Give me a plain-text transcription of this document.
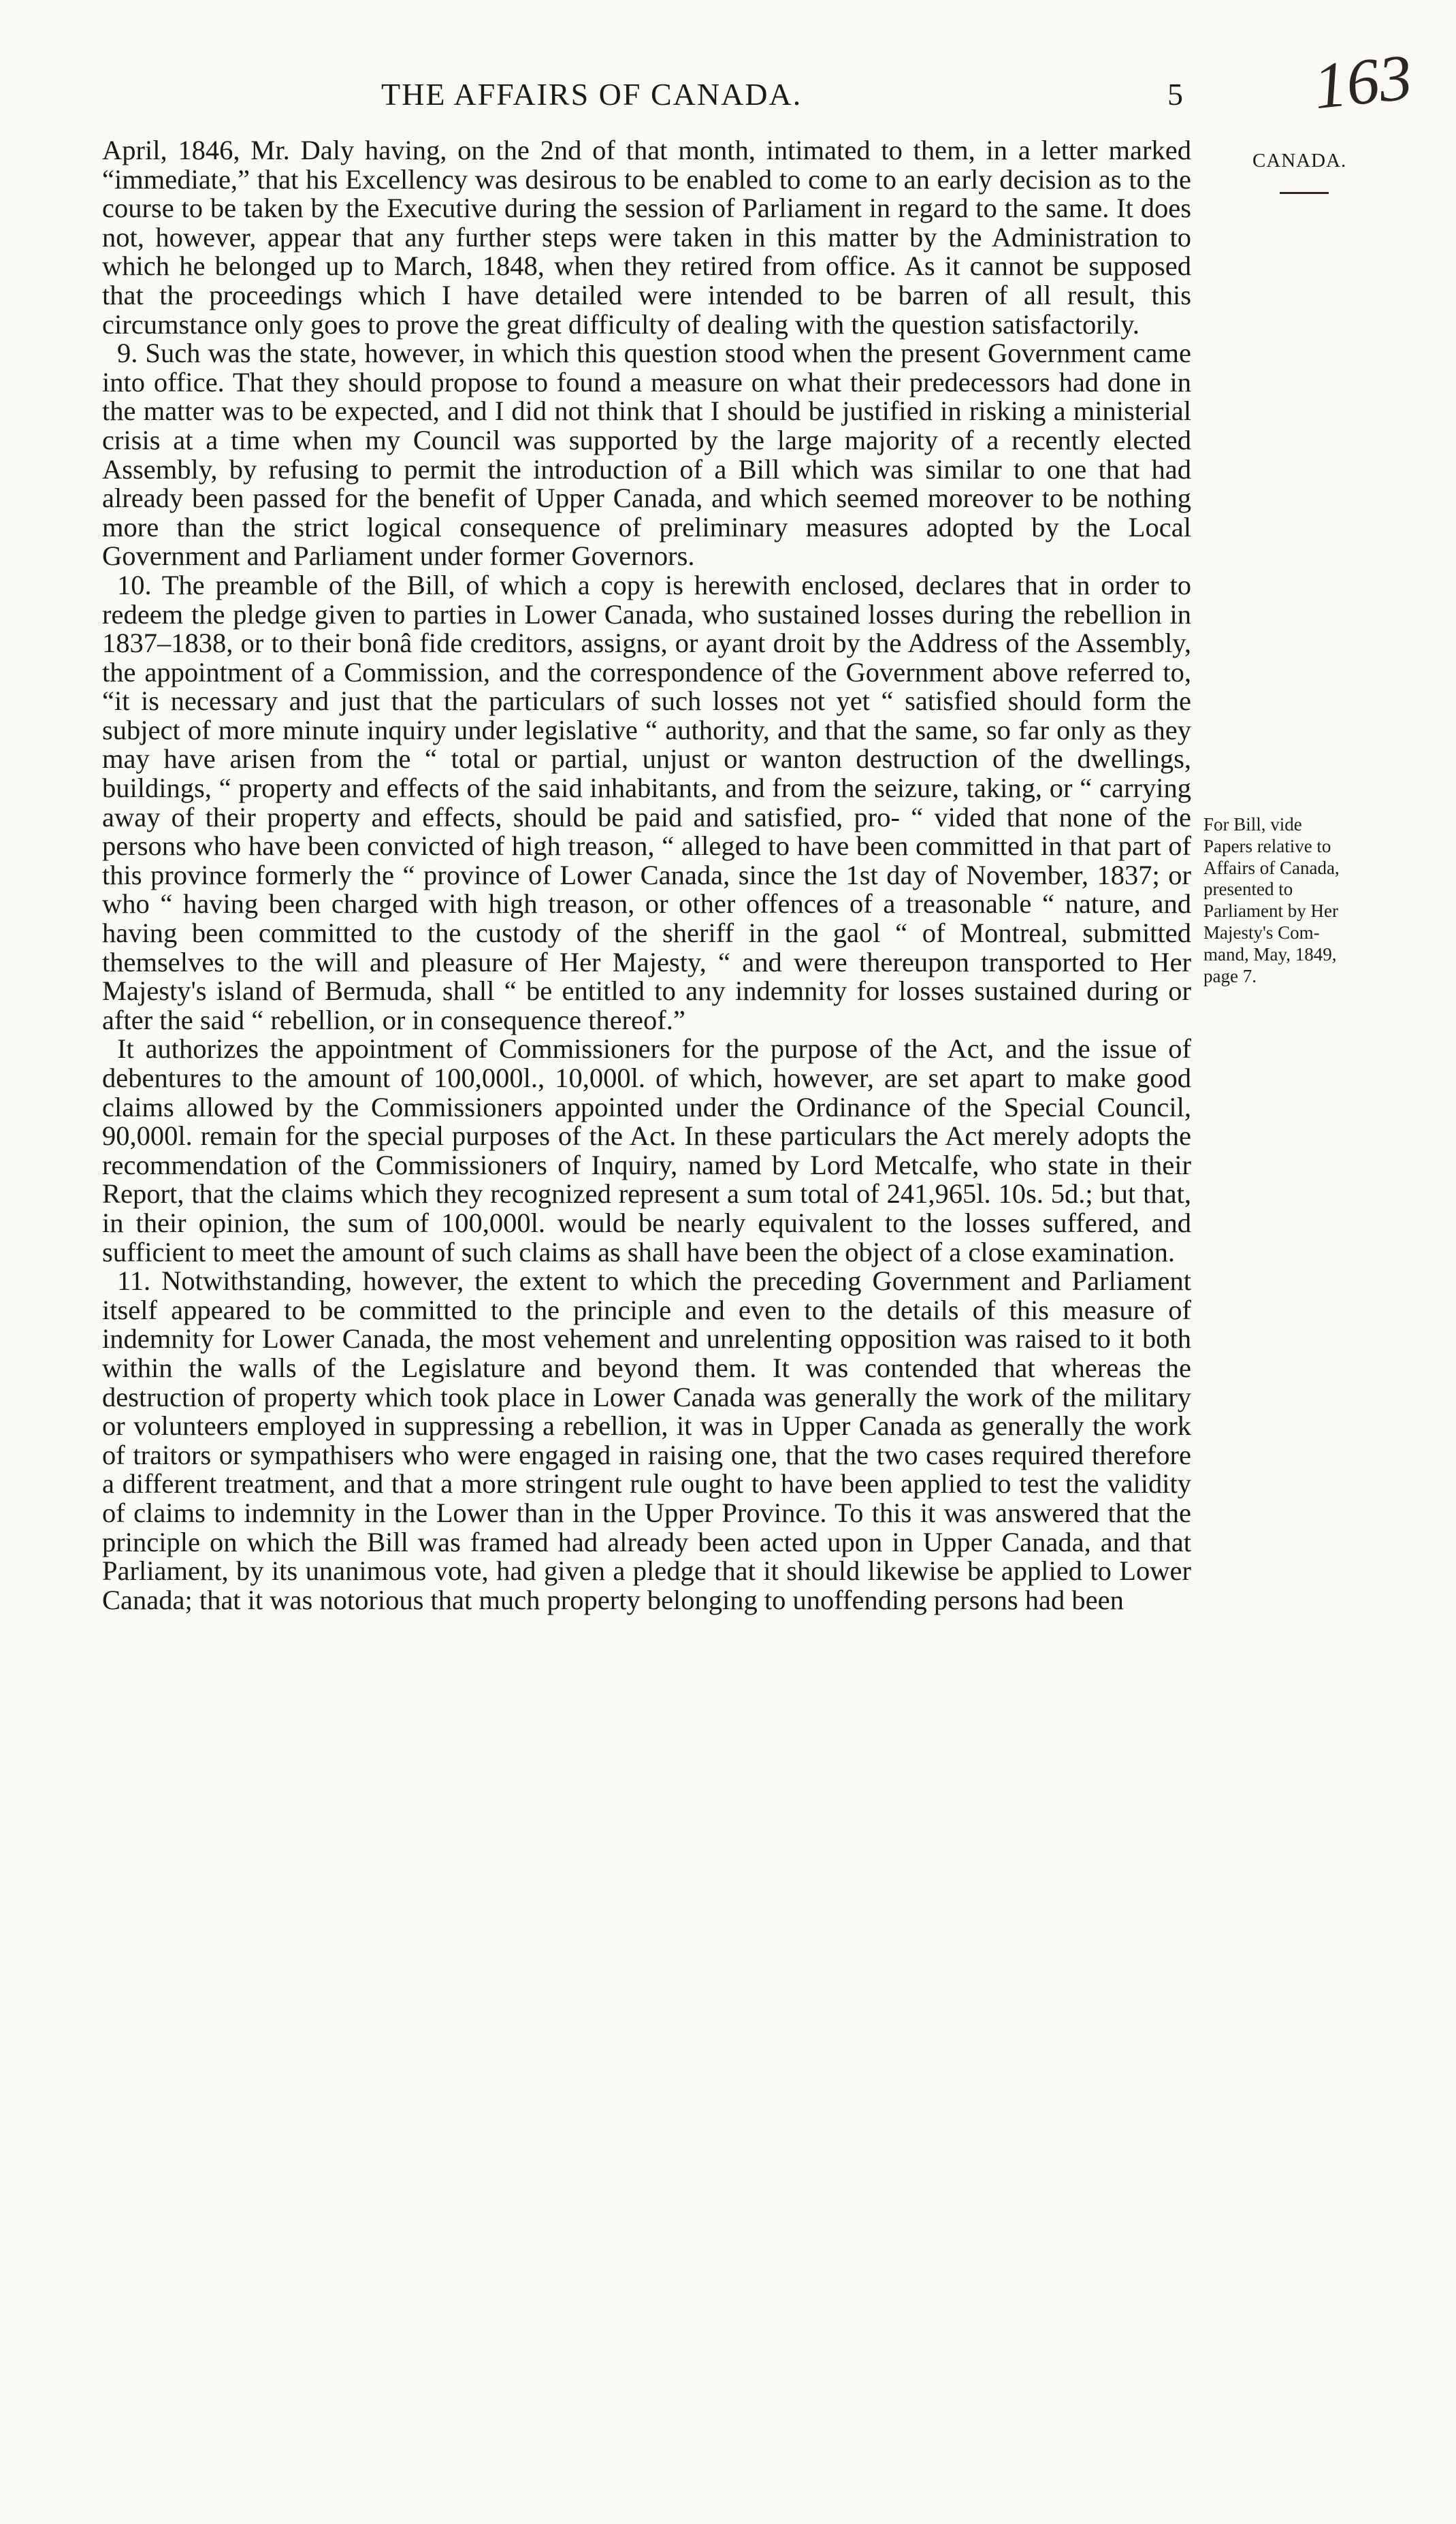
THE AFFAIRS OF CANADA.	5 163
CANADA.

April, 1846, Mr. Daly having, on the 2nd of that month, intimated to them, in a letter marked “immediate,” that his Excellency was desirous to be enabled to come to an early decision as to the course to be taken by the Executive during the session of Parliament in regard to the same. It does not, however, appear that any further steps were taken in this matter by the Administration to which he belonged up to March, 1848, when they retired from office. As it cannot be supposed that the proceedings which I have detailed were intended to be barren of all result, this circumstance only goes to prove the great difficulty of dealing with the question satisfactorily.

9. Such was the state, however, in which this question stood when the present Government came into office. That they should propose to found a measure on what their predecessors had done in the matter was to be expected, and I did not think that I should be justified in risking a ministerial crisis at a time when my Council was supported by the large majority of a recently elected Assembly, by refusing to permit the introduction of a Bill which was similar to one that had already been passed for the benefit of Upper Canada, and which seemed moreover to be nothing more than the strict logical consequence of preliminary measures adopted by the Local Government and Parliament under former Governors.

10. The preamble of the Bill, of which a copy is herewith enclosed, declares that in order to redeem the pledge given to parties in Lower Canada, who sustained losses during the rebellion in 1837–1838, or to their bonâ fide creditors, assigns, or ayant droit by the Address of the Assembly, the appointment of a Commission, and the correspondence of the Government above referred to, “it is necessary and just that the particulars of such losses not yet “ satisfied should form the subject of more minute inquiry under legislative “ authority, and that the same, so far only as they may have arisen from the “ total or partial, unjust or wanton destruction of the dwellings, buildings, “ property and effects of the said inhabitants, and from the seizure, taking, or “ carrying away of their property and effects, should be paid and satisfied, pro- “ vided that none of the persons who have been convicted of high treason, “ alleged to have been committed in that part of this province formerly the “ province of Lower Canada, since the 1st day of November, 1837; or who “ having been charged with high treason, or other offences of a treasonable “ nature, and having been committed to the custody of the sheriff in the gaol “ of Montreal, submitted themselves to the will and pleasure of Her Majesty, “ and were thereupon transported to Her Majesty's island of Bermuda, shall “ be entitled to any indemnity for losses sustained during or after the said “ rebellion, or in consequence thereof.”

It authorizes the appointment of Commissioners for the purpose of the Act, and the issue of debentures to the amount of 100,000l., 10,000l. of which, however, are set apart to make good claims allowed by the Commissioners appointed under the Ordinance of the Special Council, 90,000l. remain for the special purposes of the Act. In these particulars the Act merely adopts the recommendation of the Commissioners of Inquiry, named by Lord Metcalfe, who state in their Report, that the claims which they recognized represent a sum total of 241,965l. 10s. 5d.; but that, in their opinion, the sum of 100,000l. would be nearly equivalent to the losses suffered, and sufficient to meet the amount of such claims as shall have been the object of a close examination.

11. Notwithstanding, however, the extent to which the preceding Government and Parliament itself appeared to be committed to the principle and even to the details of this measure of indemnity for Lower Canada, the most vehement and unrelenting opposition was raised to it both within the walls of the Legislature and beyond them. It was contended that whereas the destruction of property which took place in Lower Canada was generally the work of the military or volunteers employed in suppressing a rebellion, it was in Upper Canada as generally the work of traitors or sympathisers who were engaged in raising one, that the two cases required therefore a different treatment, and that a more stringent rule ought to have been applied to test the validity of claims to indemnity in the Lower than in the Upper Province. To this it was answered that the principle on which the Bill was framed had already been acted upon in Upper Canada, and that Parliament, by its unanimous vote, had given a pledge that it should likewise be applied to Lower Canada; that it was notorious that much property belonging to unoffending persons had been

For Bill, vide
Papers relative to
Affairs of Canada,
presented to
Parliament by Her
Majesty's Com-
mand, May, 1849,
page 7.
